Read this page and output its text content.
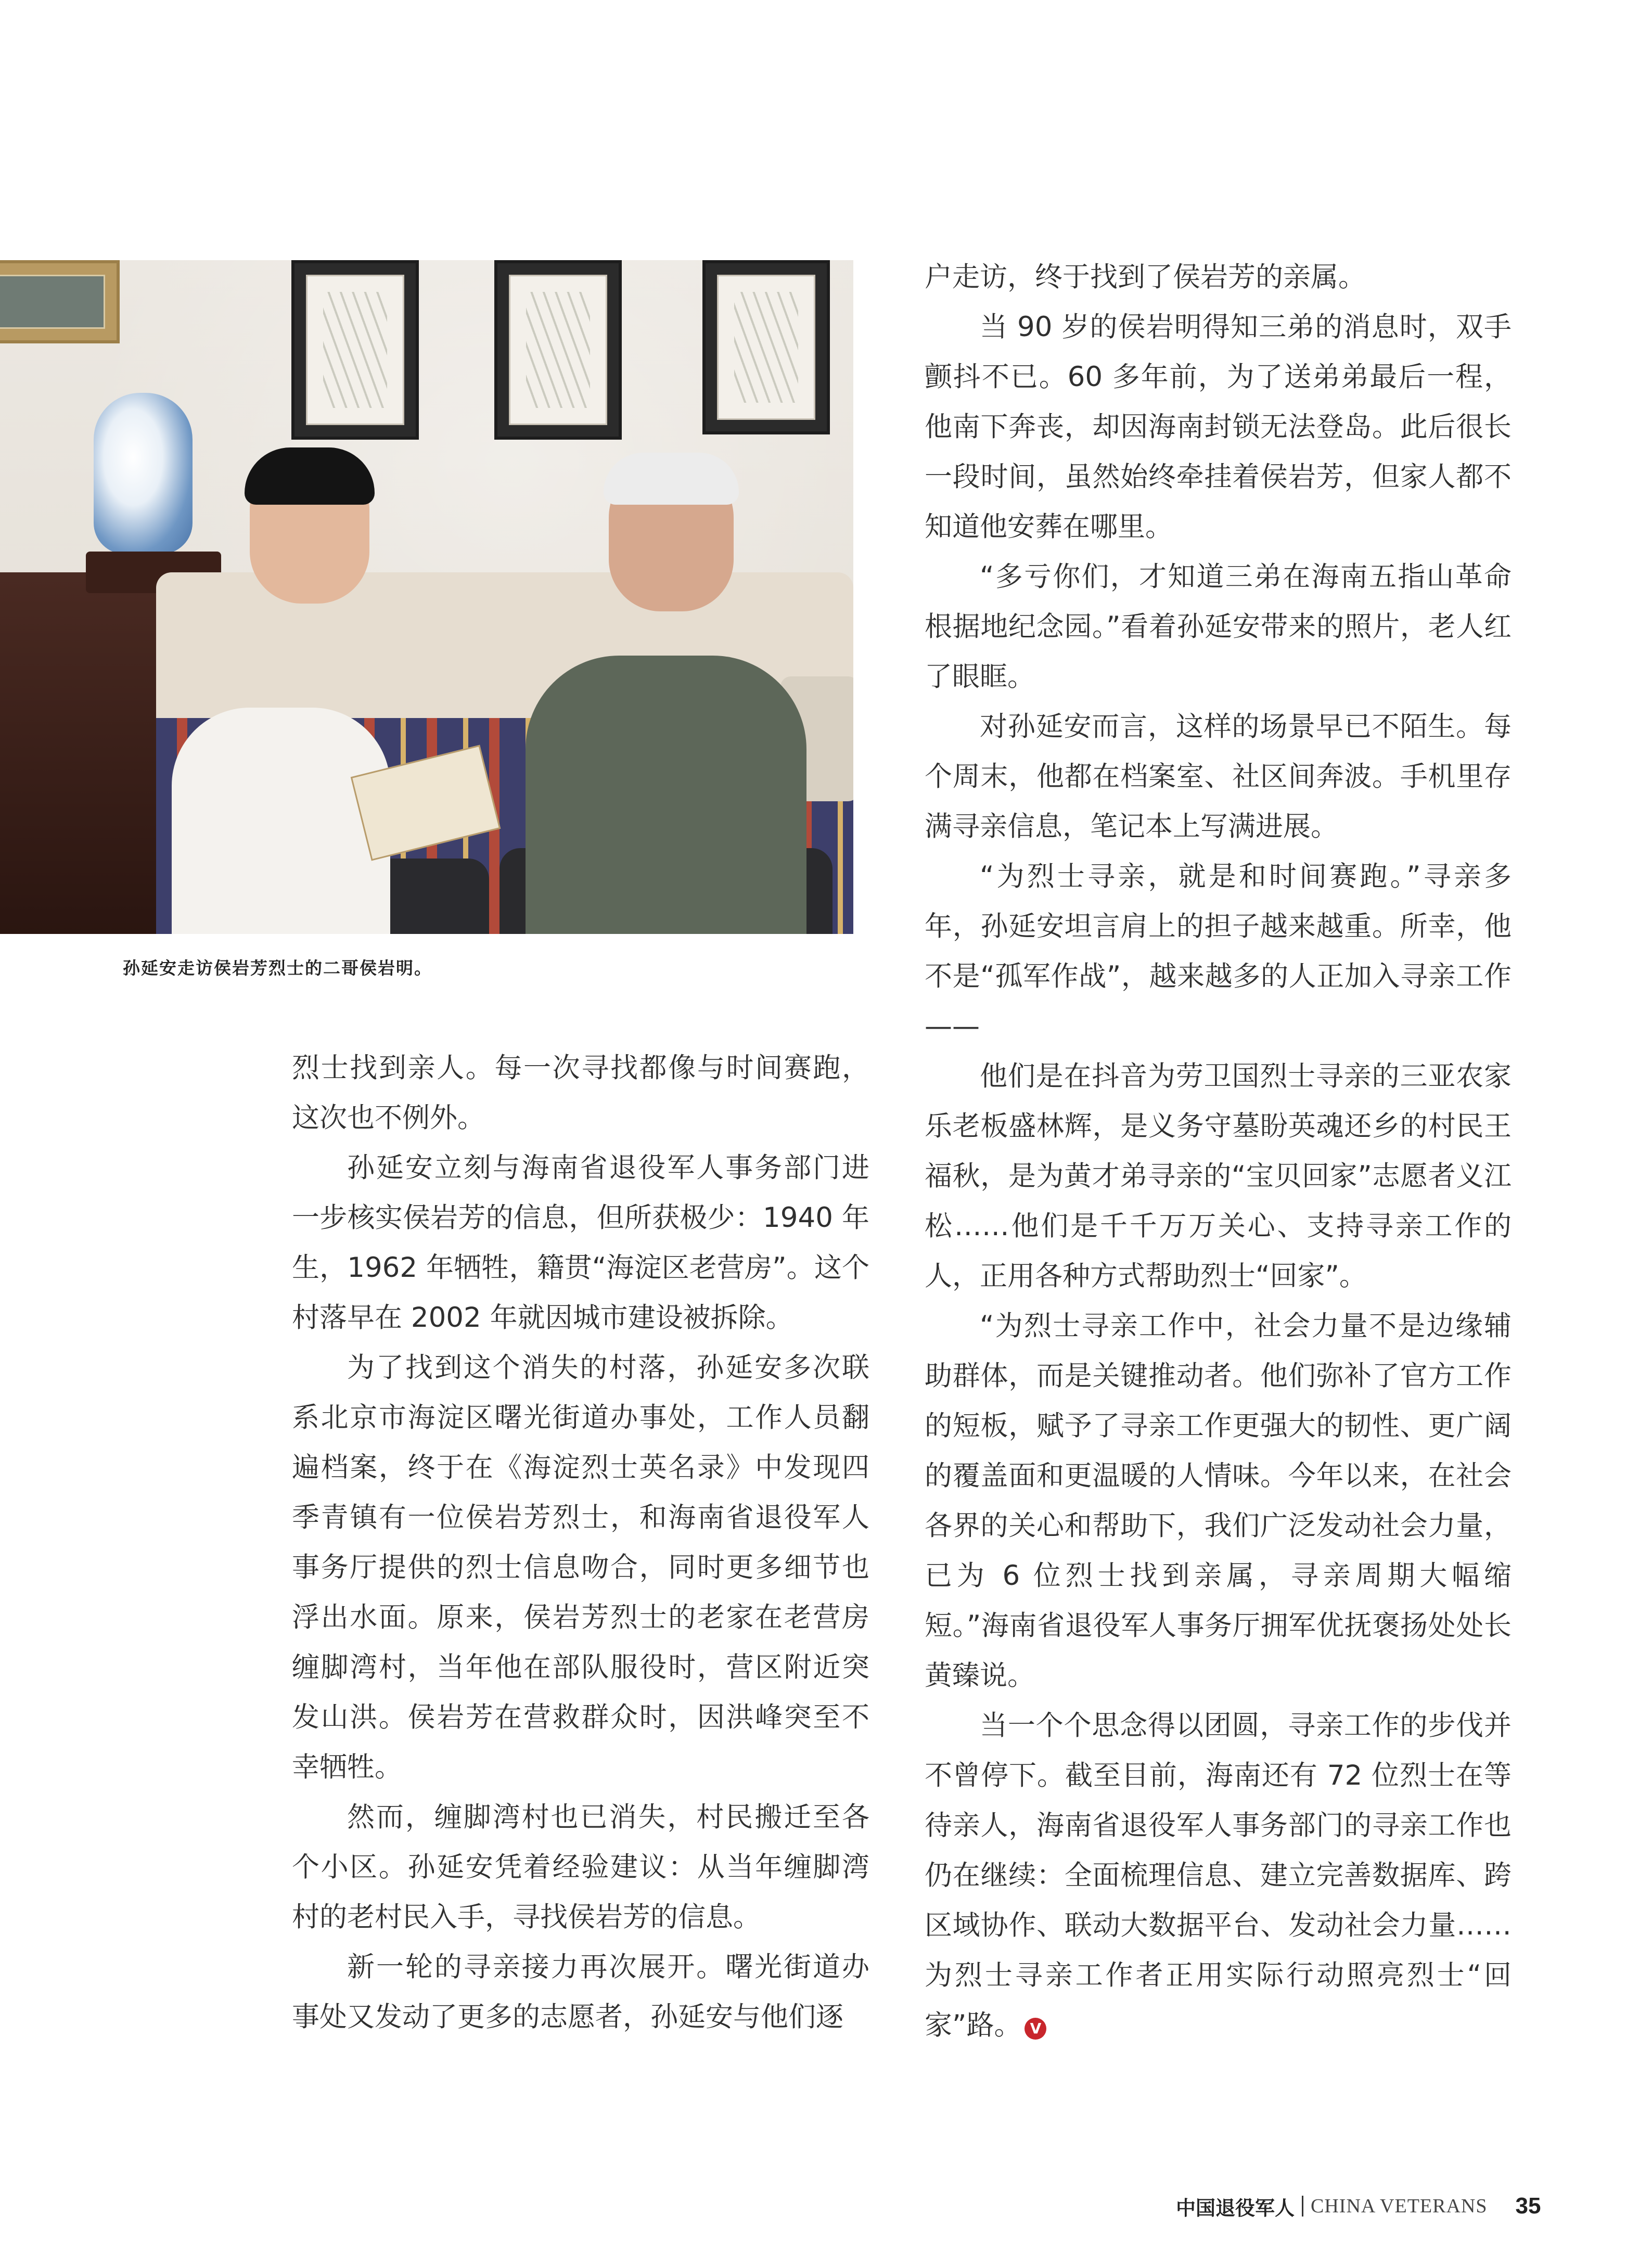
孙延安走访侯岩芳烈士的二哥侯岩明。

烈士找到亲人。每一次寻找都像与时间赛跑，这次也不例外。

孙延安立刻与海南省退役军人事务部门进一步核实侯岩芳的信息，但所获极少：1940 年生，1962 年牺牲，籍贯“海淀区老营房”。这个村落早在 2002 年就因城市建设被拆除。

为了找到这个消失的村落，孙延安多次联系北京市海淀区曙光街道办事处，工作人员翻遍档案，终于在《海淀烈士英名录》中发现四季青镇有一位侯岩芳烈士，和海南省退役军人事务厅提供的烈士信息吻合，同时更多细节也浮出水面。原来，侯岩芳烈士的老家在老营房缠脚湾村，当年他在部队服役时，营区附近突发山洪。侯岩芳在营救群众时，因洪峰突至不幸牺牲。

然而，缠脚湾村也已消失，村民搬迁至各个小区。孙延安凭着经验建议：从当年缠脚湾村的老村民入手，寻找侯岩芳的信息。

新一轮的寻亲接力再次展开。曙光街道办事处又发动了更多的志愿者，孙延安与他们逐

户走访，终于找到了侯岩芳的亲属。

当 90 岁的侯岩明得知三弟的消息时，双手颤抖不已。60 多年前，为了送弟弟最后一程，他南下奔丧，却因海南封锁无法登岛。此后很长一段时间，虽然始终牵挂着侯岩芳，但家人都不知道他安葬在哪里。

“多亏你们，才知道三弟在海南五指山革命根据地纪念园。”看着孙延安带来的照片，老人红了眼眶。

对孙延安而言，这样的场景早已不陌生。每个周末，他都在档案室、社区间奔波。手机里存满寻亲信息，笔记本上写满进展。

“为烈士寻亲，就是和时间赛跑。”寻亲多年，孙延安坦言肩上的担子越来越重。所幸，他不是“孤军作战”，越来越多的人正加入寻亲工作——

他们是在抖音为劳卫国烈士寻亲的三亚农家乐老板盛林辉，是义务守墓盼英魂还乡的村民王福秋，是为黄才弟寻亲的“宝贝回家”志愿者义江松……他们是千千万万关心、支持寻亲工作的人，正用各种方式帮助烈士“回家”。

“为烈士寻亲工作中，社会力量不是边缘辅助群体，而是关键推动者。他们弥补了官方工作的短板，赋予了寻亲工作更强大的韧性、更广阔的覆盖面和更温暖的人情味。今年以来，在社会各界的关心和帮助下，我们广泛发动社会力量，已为 6 位烈士找到亲属，寻亲周期大幅缩短。”海南省退役军人事务厅拥军优抚褒扬处处长黄臻说。

当一个个思念得以团圆，寻亲工作的步伐并不曾停下。截至目前，海南还有 72 位烈士在等待亲人，海南省退役军人事务部门的寻亲工作也仍在继续：全面梳理信息、建立完善数据库、跨区域协作、联动大数据平台、发动社会力量……为烈士寻亲工作者正用实际行动照亮烈士“回家”路。 V

中国退役军人 CHINA VETERANS 35
